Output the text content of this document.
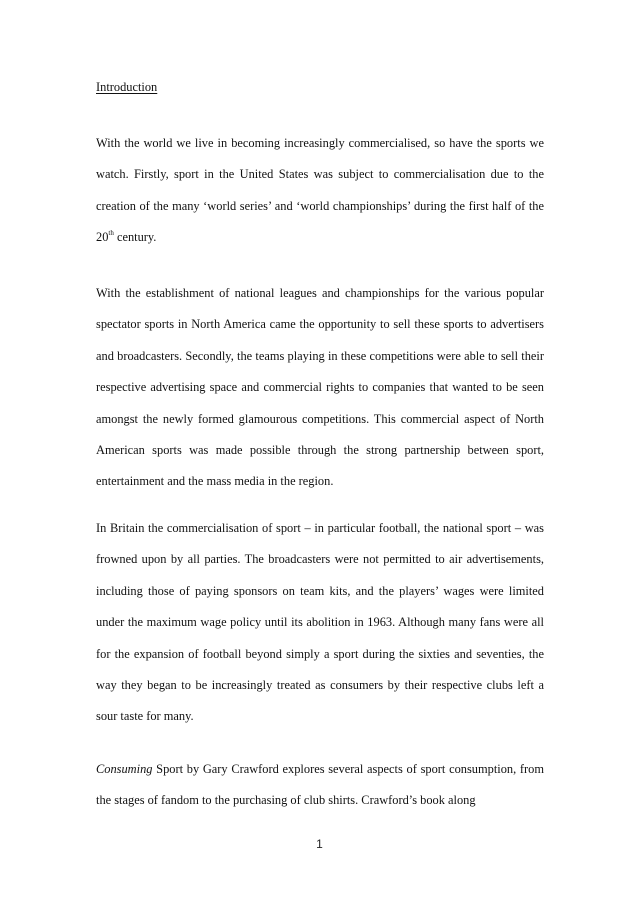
Introduction

With the world we live in becoming increasingly commercialised, so have the sports we watch. Firstly, sport in the United States was subject to commercialisation due to the creation of the many ‘world series’ and ‘world championships’ during the first half of the 20th century.

With the establishment of national leagues and championships for the various popular spectator sports in North America came the opportunity to sell these sports to advertisers and broadcasters. Secondly, the teams playing in these competitions were able to sell their respective advertising space and commercial rights to companies that wanted to be seen amongst the newly formed glamourous competitions. This commercial aspect of North American sports was made possible through the strong partnership between sport, entertainment and the mass media in the region.

In Britain the commercialisation of sport – in particular football, the national sport – was frowned upon by all parties. The broadcasters were not permitted to air advertisements, including those of paying sponsors on team kits, and the players’ wages were limited under the maximum wage policy until its abolition in 1963. Although many fans were all for the expansion of football beyond simply a sport during the sixties and seventies, the way they began to be increasingly treated as consumers by their respective clubs left a sour taste for many.

Consuming Sport by Gary Crawford explores several aspects of sport consumption, from the stages of fandom to the purchasing of club shirts. Crawford’s book along

1
